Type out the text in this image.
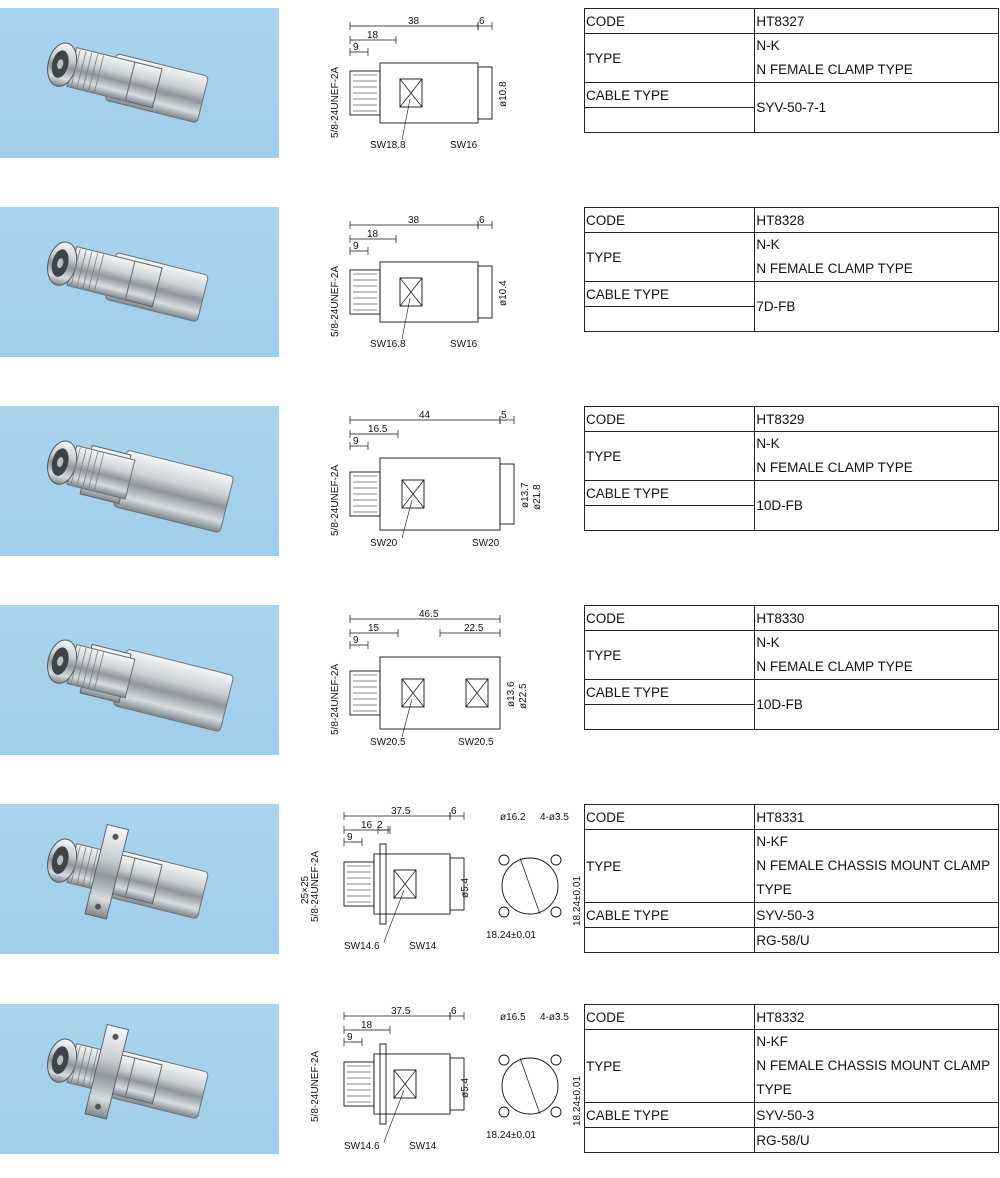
5/8-24UNEF-2A
38
18
9
6
ø10.8
SW18.8	SW16
CODE	HT8327
TYPE	N-K
N FEMALE CLAMP TYPE

CABLE TYPE	SYV-50-7-1

5/8-24UNEF-2A
38
18
9
6
ø10.4
SW16.8	SW16
CODE	HT8328
TYPE	N-K
N FEMALE CLAMP TYPE

CABLE TYPE	7D-FB

5/8-24UNEF-2A
44
16.5
9
5
ø13.7 ø21.8
SW20	SW20
CODE	HT8329
TYPE	N-K
N FEMALE CLAMP TYPE

CABLE TYPE	10D-FB

5/8-24UNEF-2A
46.5
15
9
22.5
ø13.6 ø22.5
SW20.5	SW20.5
CODE	HT8330
TYPE	N-K
N FEMALE CLAMP TYPE

CABLE TYPE	10D-FB

5/8-24UNEF-2A
25×25
37.5
16
9
6
2
ø5.4
SW14.6	SW14
ø16.2 4-ø3.5
18.24±0.01
18.24±0.01
CODE	HT8331
TYPE	N-KF
N FEMALE CHASSIS MOUNT CLAMP
TYPE

CABLE TYPE	SYV-50-3
	RG-58/U
5/8-24UNEF-2A
37.5
18
9
6
ø5.4
SW14.6	SW14
ø16.5 4-ø3.5
18.24±0.01
18.24±0.01
CODE	HT8332
TYPE	N-KF
N FEMALE CHASSIS MOUNT CLAMP
TYPE

CABLE TYPE	SYV-50-3
	RG-58/U
